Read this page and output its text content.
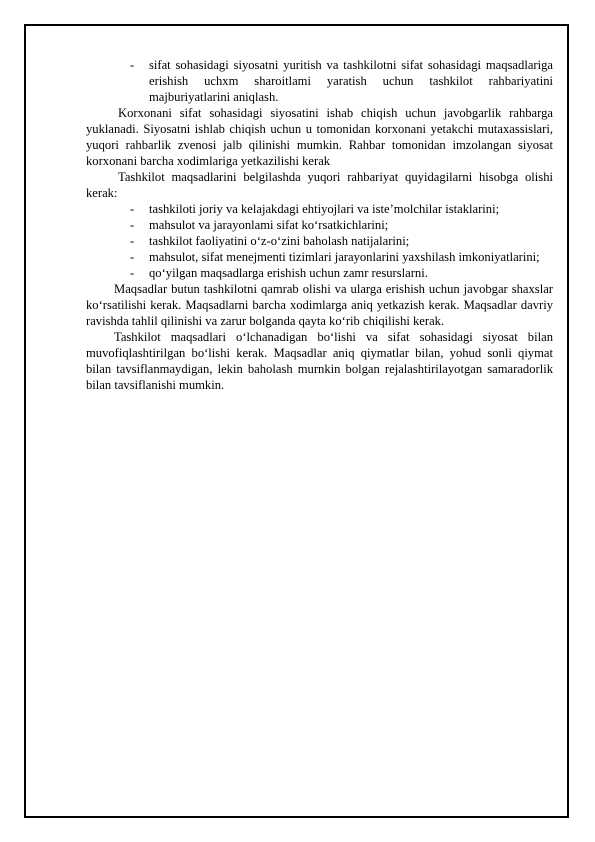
- sifat sohasidagi siyosatni yuritish va tashkilotni sifat sohasidagi maqsadlariga erishish uchxm sharoitlami yaratish uchun tashkilot rahbariyatini majburiyatlarini aniqlash.

Korxonani sifat sohasidagi siyosatini ishab chiqish uchun javobgarlik rahbarga yuklanadi. Siyosatni ishlab chiqish uchun u tomonidan korxonani yetakchi mutaxassislari, yuqori rahbarlik zvenosi jalb qilinishi mumkin. Rahbar tomonidan imzolangan siyosat korxonani barcha xodimlariga yetkazilishi kerak

Tashkilot maqsadlarini belgilashda yuqori rahbariyat quyidagilarni hisobga olishi kerak:

- tashkiloti joriy va kelajakdagi ehtiyojlari va iste’molchilar istaklarini;
- mahsulot va jarayonlami sifat ko‘rsatkichlarini;
- tashkilot faoliyatini o‘z-o‘zini baholash natijalarini;
- mahsulot, sifat menejmenti tizimlari jarayonlarini yaxshilash imkoniyatlarini;
- qo‘yilgan maqsadlarga erishish uchun zamr resurslarni.

Maqsadlar butun tashkilotni qamrab olishi va ularga erishish uchun javobgar shaxslar ko‘rsatilishi kerak. Maqsadlarni barcha xodimlarga aniq yetkazish kerak. Maqsadlar davriy ravishda tahlil qilinishi va zarur bolganda qayta ko‘rib chiqilishi kerak.

Tashkilot maqsadlari o‘lchanadigan bo‘lishi va sifat sohasidagi siyosat bilan muvofiqlashtirilgan bo‘lishi kerak. Maqsadlar aniq qiymatlar bilan, yohud sonli qiymat bilan tavsiflanmaydigan, lekin baholash murnkin bolgan rejalashtirilayotgan samaradorlik bilan tavsiflanishi mumkin.
